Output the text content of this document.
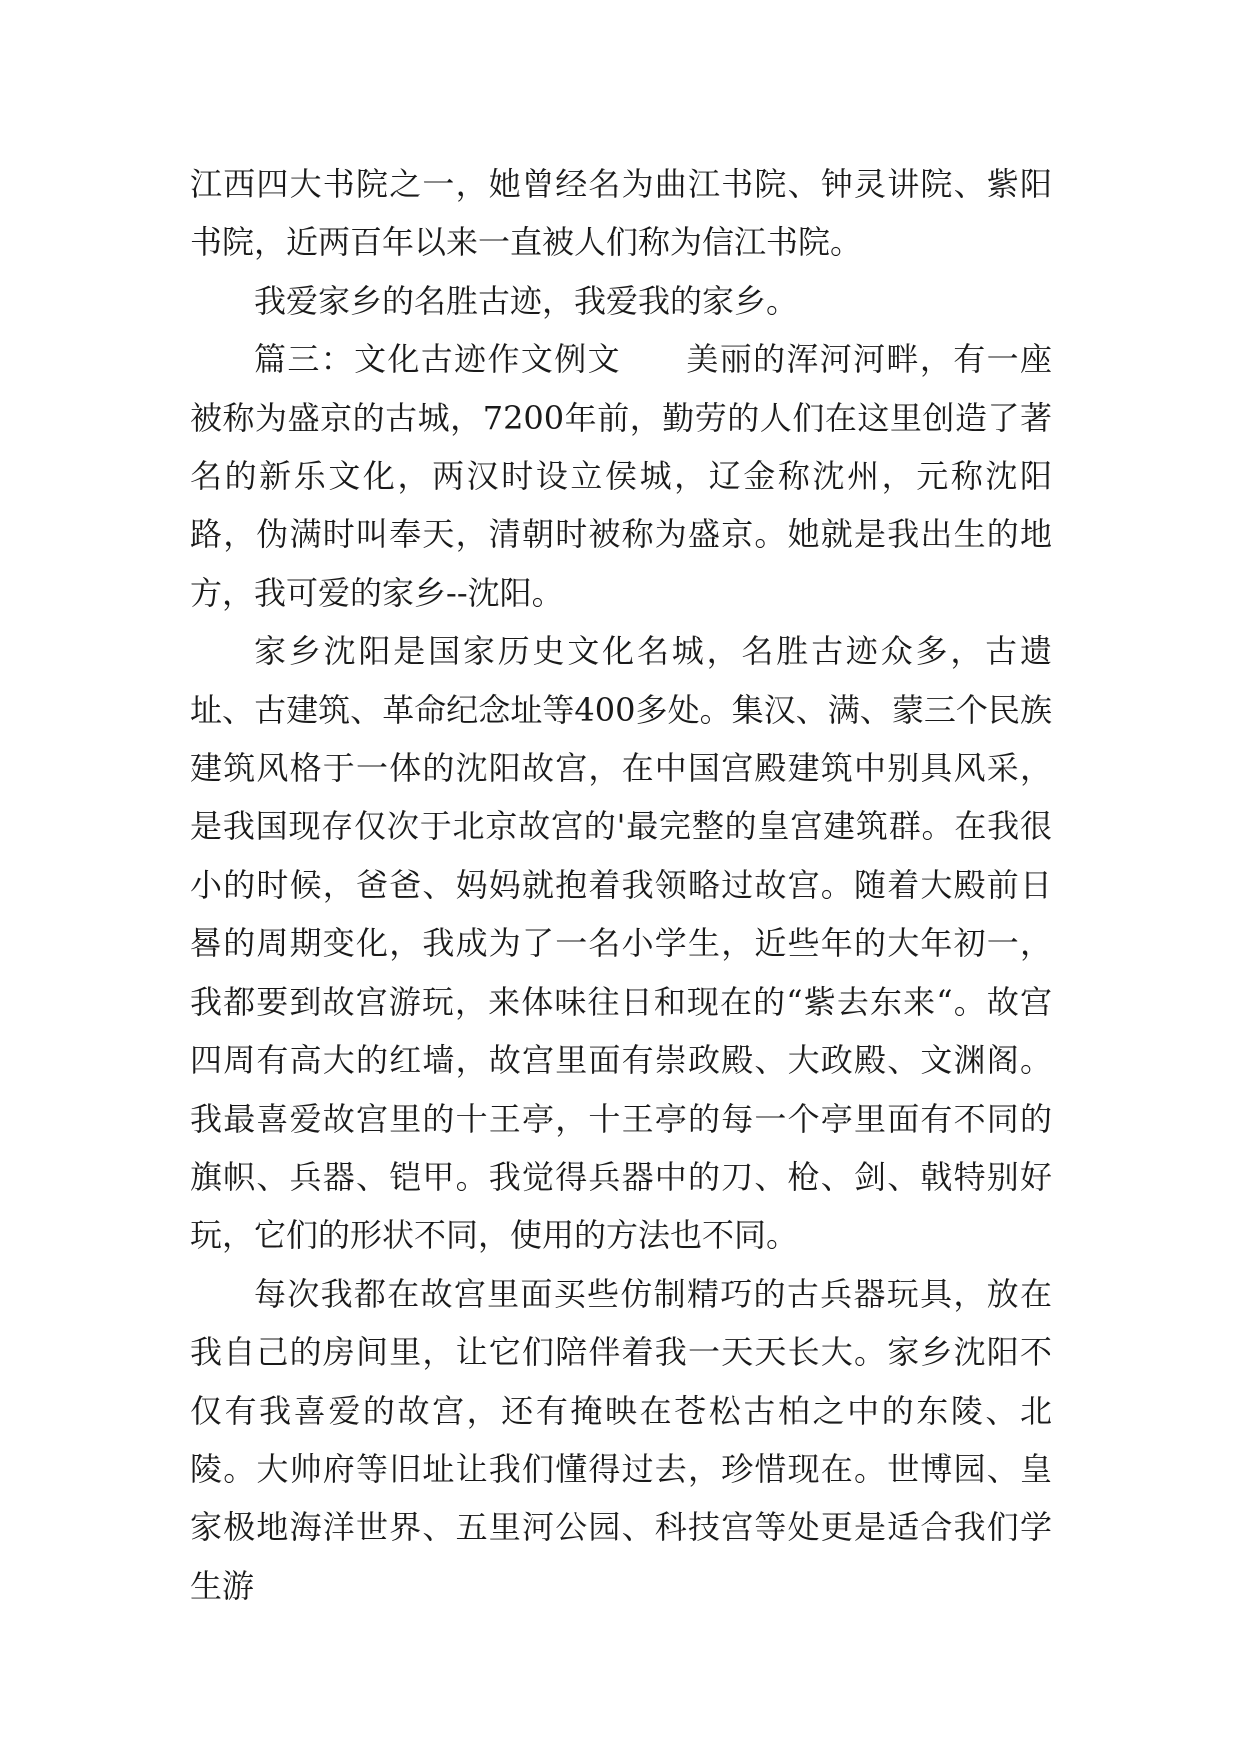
江西四大书院之一，她曾经名为曲江书院、钟灵讲院、紫阳书院，近两百年以来一直被人们称为信江书院。

我爱家乡的名胜古迹，我爱我的家乡。

篇三：文化古迹作文例文 美丽的浑河河畔，有一座被称为盛京的古城，7200年前，勤劳的人们在这里创造了著名的新乐文化，两汉时设立侯城，辽金称沈州，元称沈阳路，伪满时叫奉天，清朝时被称为盛京。她就是我出生的地方，我可爱的家乡--沈阳。

家乡沈阳是国家历史文化名城，名胜古迹众多，古遗址、古建筑、革命纪念址等400多处。集汉、满、蒙三个民族建筑风格于一体的沈阳故宫，在中国宫殿建筑中别具风采，是我国现存仅次于北京故宫的'最完整的皇宫建筑群。在我很小的时候，爸爸、妈妈就抱着我领略过故宫。随着大殿前日晷的周期变化，我成为了一名小学生，近些年的大年初一，我都要到故宫游玩，来体味往日和现在的“紫去东来“。故宫四周有高大的红墙，故宫里面有崇政殿、大政殿、文渊阁。我最喜爱故宫里的十王亭，十王亭的每一个亭里面有不同的旗帜、兵器、铠甲。我觉得兵器中的刀、枪、剑、戟特别好玩，它们的形状不同，使用的方法也不同。

每次我都在故宫里面买些仿制精巧的古兵器玩具，放在我自己的房间里，让它们陪伴着我一天天长大。家乡沈阳不仅有我喜爱的故宫，还有掩映在苍松古柏之中的东陵、北陵。大帅府等旧址让我们懂得过去，珍惜现在。世博园、皇家极地海洋世界、五里河公园、科技宫等处更是适合我们学生游
